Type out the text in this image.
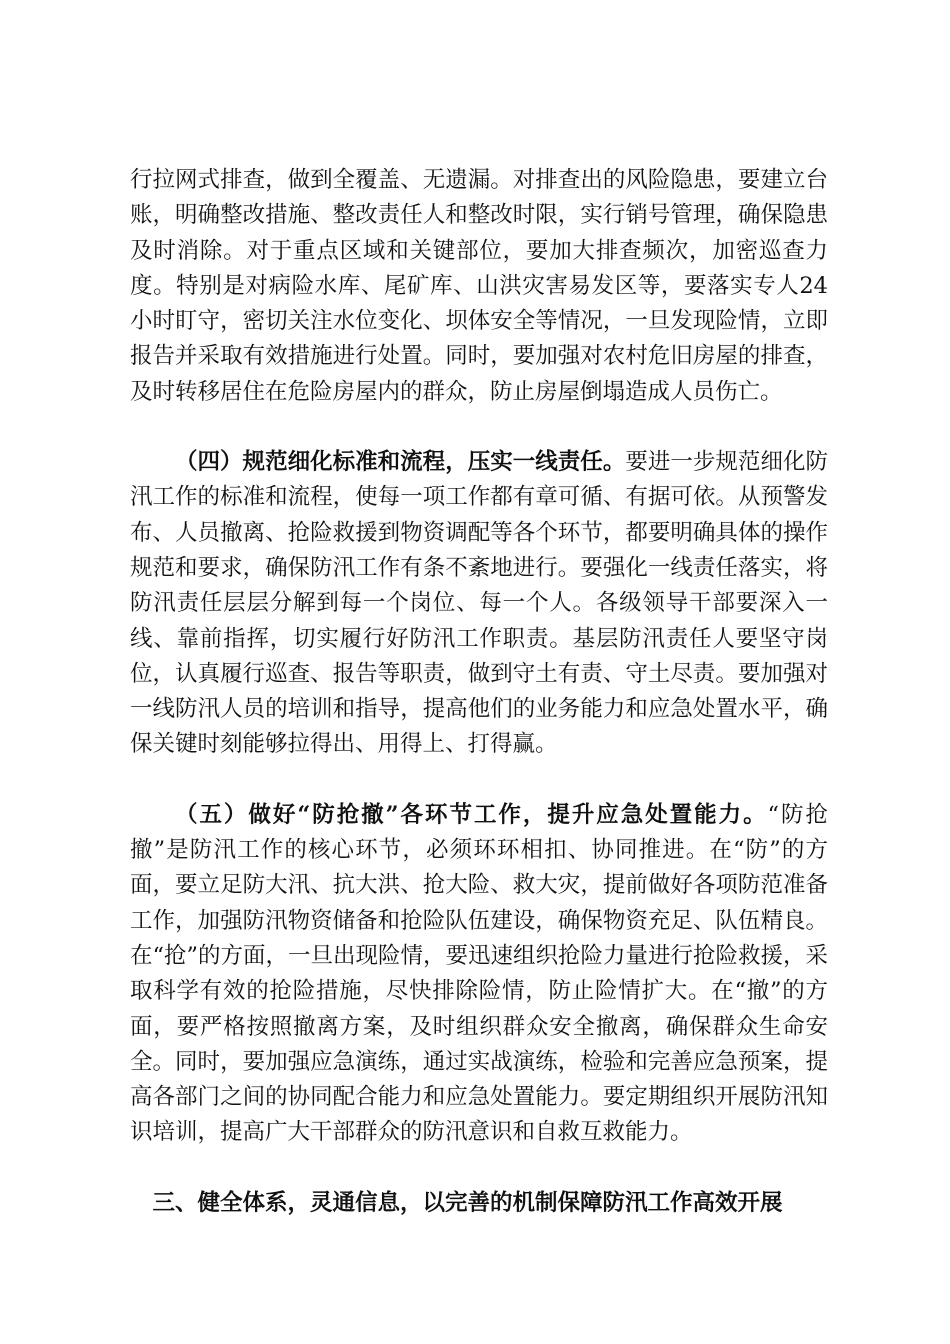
行拉网式排查，做到全覆盖、无遗漏。对排查出的风险隐患，要建立台账，明确整改措施、整改责任人和整改时限，实行销号管理，确保隐患及时消除。对于重点区域和关键部位，要加大排查频次，加密巡查力度。特别是对病险水库、尾矿库、山洪灾害易发区等，要落实专人24小时盯守，密切关注水位变化、坝体安全等情况，一旦发现险情，立即报告并采取有效措施进行处置。同时，要加强对农村危旧房屋的排查，及时转移居住在危险房屋内的群众，防止房屋倒塌造成人员伤亡。

（四）规范细化标准和流程，压实一线责任。要进一步规范细化防汛工作的标准和流程，使每一项工作都有章可循、有据可依。从预警发布、人员撤离、抢险救援到物资调配等各个环节，都要明确具体的操作规范和要求，确保防汛工作有条不紊地进行。要强化一线责任落实，将防汛责任层层分解到每一个岗位、每一个人。各级领导干部要深入一线、靠前指挥，切实履行好防汛工作职责。基层防汛责任人要坚守岗位，认真履行巡查、报告等职责，做到守土有责、守土尽责。要加强对一线防汛人员的培训和指导，提高他们的业务能力和应急处置水平，确保关键时刻能够拉得出、用得上、打得赢。

（五）做好“防抢撤”各环节工作，提升应急处置能力。“防抢撤”是防汛工作的核心环节，必须环环相扣、协同推进。在“防”的方面，要立足防大汛、抗大洪、抢大险、救大灾，提前做好各项防范准备工作，加强防汛物资储备和抢险队伍建设，确保物资充足、队伍精良。在“抢”的方面，一旦出现险情，要迅速组织抢险力量进行抢险救援，采取科学有效的抢险措施，尽快排除险情，防止险情扩大。在“撤”的方面，要严格按照撤离方案，及时组织群众安全撤离，确保群众生命安全。同时，要加强应急演练，通过实战演练，检验和完善应急预案，提高各部门之间的协同配合能力和应急处置能力。要定期组织开展防汛知识培训，提高广大干部群众的防汛意识和自救互救能力。

三、健全体系，灵通信息，以完善的机制保障防汛工作高效开展
